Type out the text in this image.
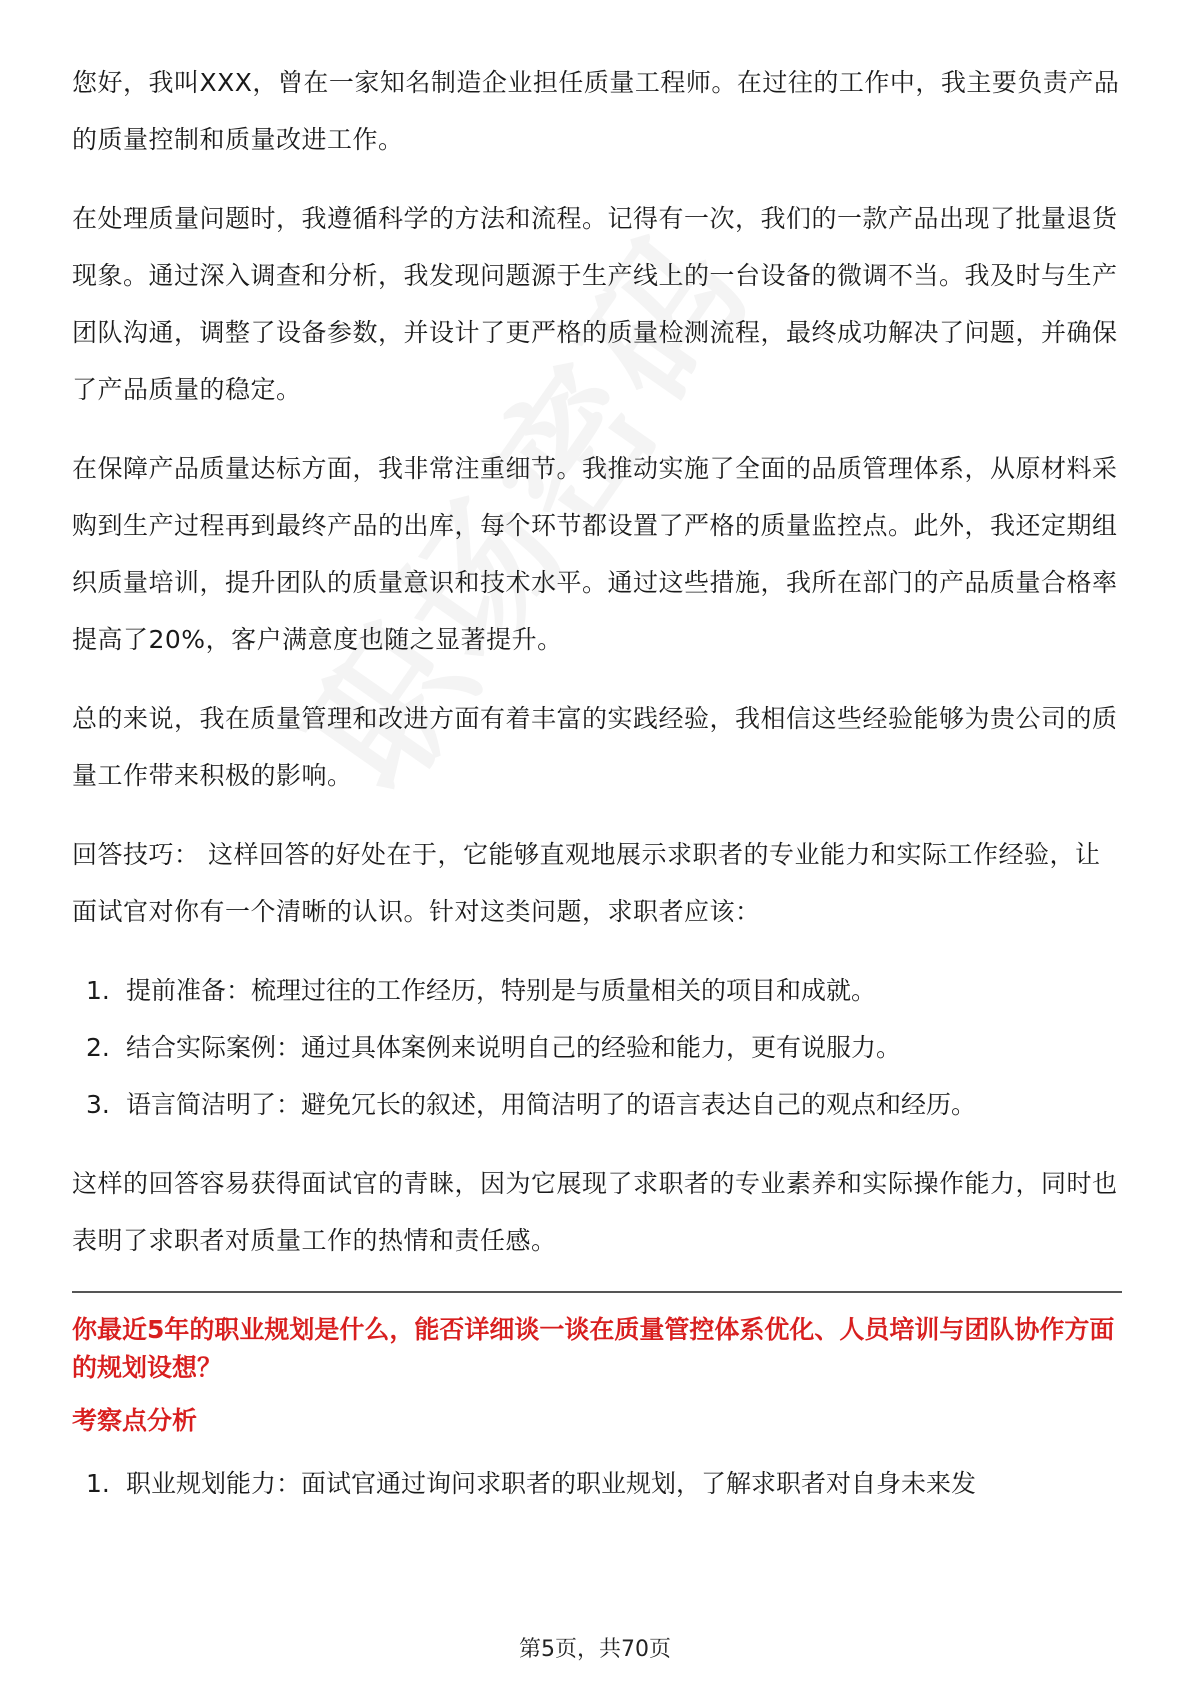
您好，我叫XXX，曾在一家知名制造企业担任质量工程师。在过往的工作中，我主要负责产品的质量控制和质量改进工作。

在处理质量问题时，我遵循科学的方法和流程。记得有一次，我们的一款产品出现了批量退货现象。通过深入调查和分析，我发现问题源于生产线上的一台设备的微调不当。我及时与生产团队沟通，调整了设备参数，并设计了更严格的质量检测流程，最终成功解决了问题，并确保了产品质量的稳定。

在保障产品质量达标方面，我非常注重细节。我推动实施了全面的品质管理体系，从原材料采购到生产过程再到最终产品的出库，每个环节都设置了严格的质量监控点。此外，我还定期组织质量培训，提升团队的质量意识和技术水平。通过这些措施，我所在部门的产品质量合格率提高了20%，客户满意度也随之显著提升。

总的来说，我在质量管理和改进方面有着丰富的实践经验，我相信这些经验能够为贵公司的质量工作带来积极的影响。

回答技巧： 这样回答的好处在于，它能够直观地展示求职者的专业能力和实际工作经验，让面试官对你有一个清晰的认识。针对这类问题，求职者应该：

1. 提前准备：梳理过往的工作经历，特别是与质量相关的项目和成就。
2. 结合实际案例：通过具体案例来说明自己的经验和能力，更有说服力。
3. 语言简洁明了：避免冗长的叙述，用简洁明了的语言表达自己的观点和经历。

这样的回答容易获得面试官的青睐，因为它展现了求职者的专业素养和实际操作能力，同时也表明了求职者对质量工作的热情和责任感。

你最近5年的职业规划是什么，能否详细谈一谈在质量管控体系优化、人员培训与团队协作方面的规划设想？
考察点分析
1. 职业规划能力：面试官通过询问求职者的职业规划，了解求职者对自身未来发
第5页，共70页
